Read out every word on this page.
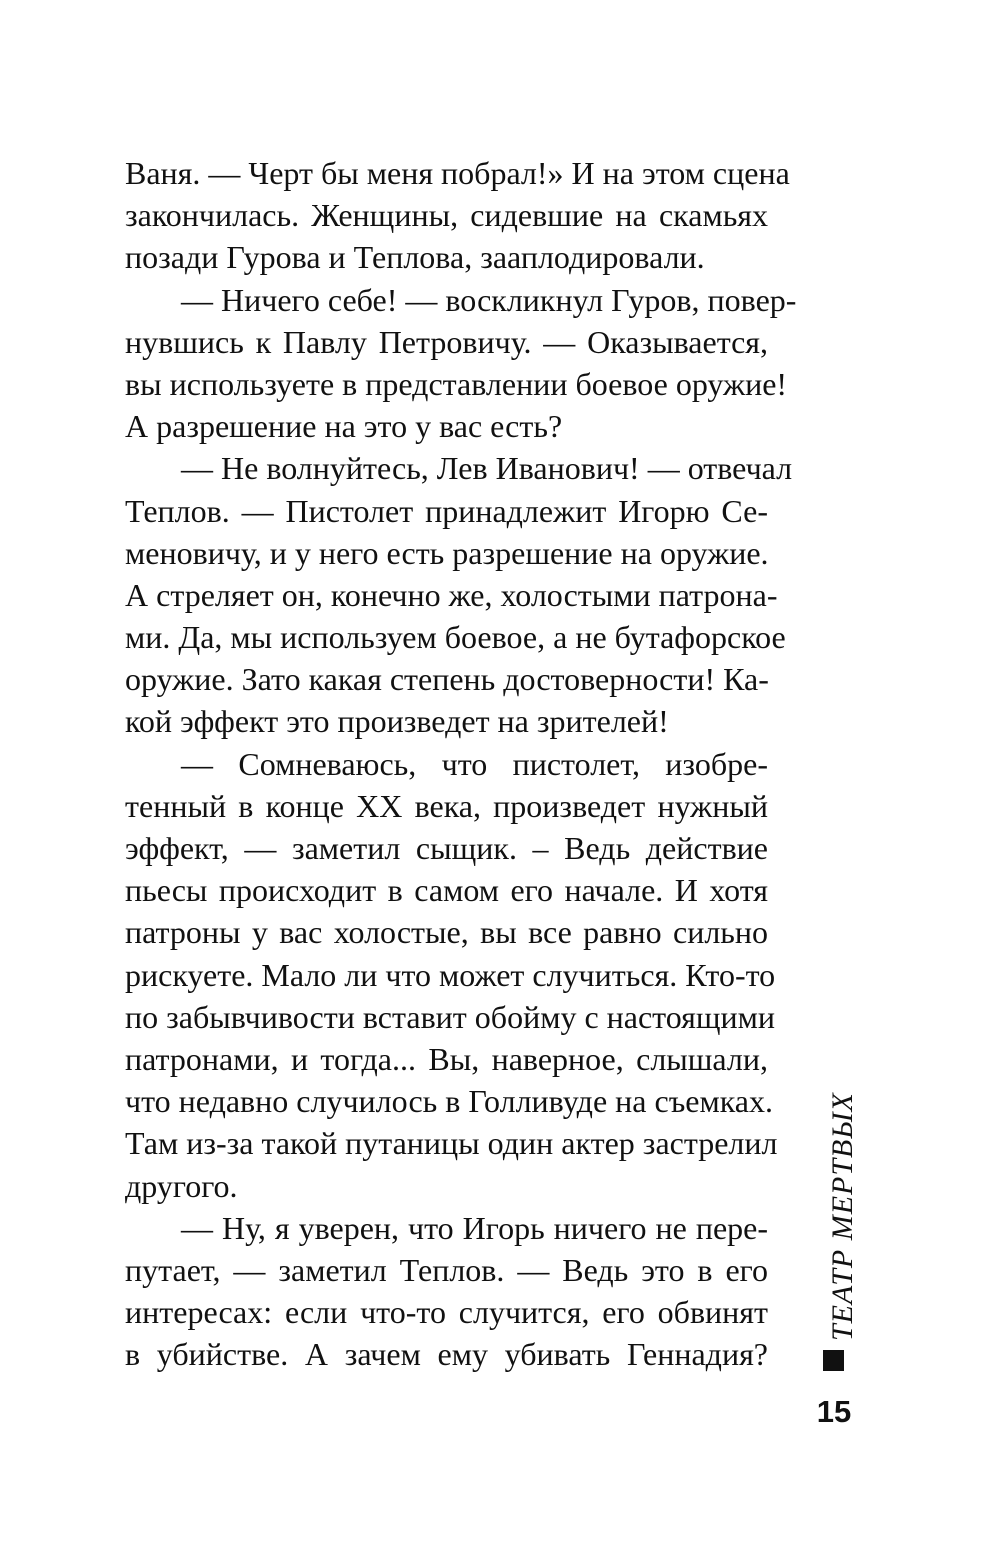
Ваня. — Черт бы меня побрал!» И на этом сцена
закончилась. Женщины, сидевшие на скамьях
позади Гурова и Теплова, зааплодировали.
— Ничего себе! — воскликнул Гуров, повер-
нувшись к Павлу Петровичу. — Оказывается,
вы используете в представлении боевое оружие!
А разрешение на это у вас есть?
— Не волнуйтесь, Лев Иванович! — отвечал
Теплов. — Пистолет принадлежит Игорю Се-
меновичу, и у него есть разрешение на оружие.
А стреляет он, конечно же, холостыми патрона-
ми. Да, мы используем боевое, а не бутафорское
оружие. Зато какая степень достоверности! Ка-
кой эффект это произведет на зрителей!
— Сомневаюсь, что пистолет, изобре-
тенный в конце XX века, произведет нужный
эффект, — заметил сыщик. – Ведь действие
пьесы происходит в самом его начале. И хотя
патроны у вас холостые, вы все равно сильно
рискуете. Мало ли что может случиться. Кто-то
по забывчивости вставит обойму с настоящими
патронами, и тогда... Вы, наверное, слышали,
что недавно случилось в Голливуде на съемках.
Там из-за такой путаницы один актер застрелил
другого.
— Ну, я уверен, что Игорь ничего не пере-
путает, — заметил Теплов. — Ведь это в его
интересах: если что-то случится, его обвинят
в убийстве. А зачем ему убивать Геннадия?
ТЕАТР МЕРТВЫХ
15
